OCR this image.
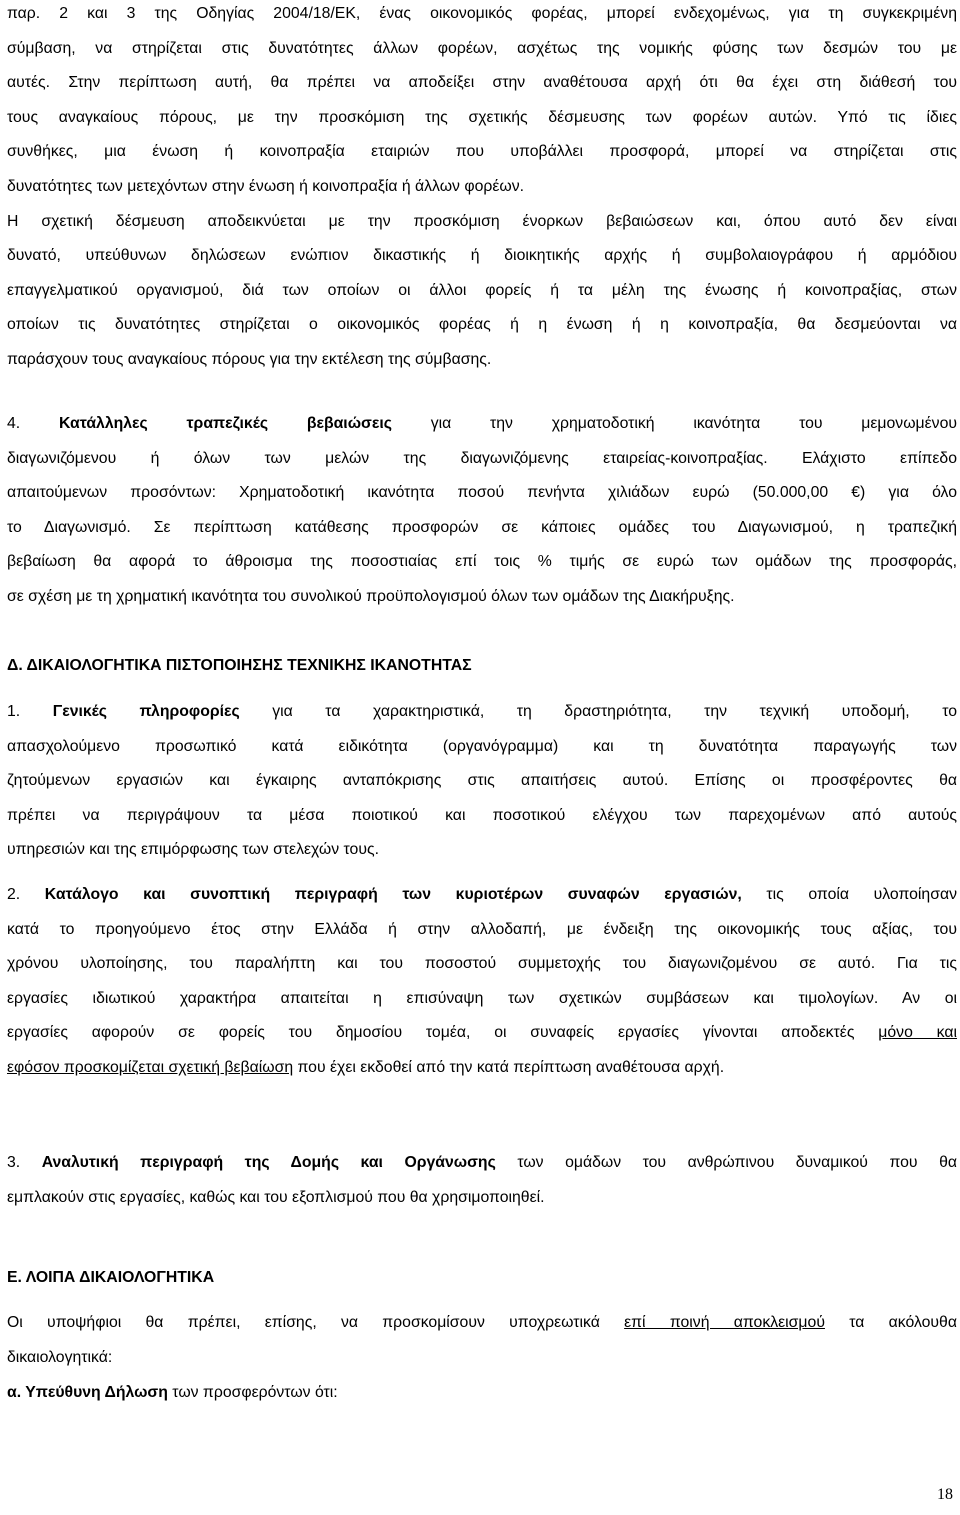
παρ. 2 και 3 της Οδηγίας 2004/18/ΕΚ, ένας οικονομικός φορέας, μπορεί ενδεχομένως, για τη συγκεκριμένη
σύμβαση, να στηρίζεται στις δυνατότητες άλλων φορέων, ασχέτως της νομικής φύσης των δεσμών του με
αυτές. Στην περίπτωση αυτή, θα πρέπει να αποδείξει στην αναθέτουσα αρχή ότι θα έχει στη διάθεσή του
τους αναγκαίους πόρους, με την προσκόμιση της σχετικής δέσμευσης των φορέων αυτών. Υπό τις ίδιες
συνθήκες, μια ένωση ή κοινοπραξία εταιριών που υποβάλλει προσφορά, μπορεί να στηρίζεται στις
δυνατότητες των μετεχόντων στην ένωση ή κοινοπραξία ή άλλων φορέων.
Η σχετική δέσμευση αποδεικνύεται με την προσκόμιση ένορκων βεβαιώσεων και, όπου αυτό δεν είναι
δυνατό, υπεύθυνων δηλώσεων ενώπιον δικαστικής ή διοικητικής αρχής ή συμβολαιογράφου ή αρμόδιου
επαγγελματικού οργανισμού, διά των οποίων οι άλλοι φορείς ή τα μέλη της ένωσης ή κοινοπραξίας, στων
οποίων τις δυνατότητες στηρίζεται ο οικονομικός φορέας ή η ένωση ή η κοινοπραξία, θα δεσμεύονται να
παράσχουν τους αναγκαίους πόρους για την εκτέλεση της σύμβασης.
4. Κατάλληλες τραπεζικές βεβαιώσεις για την χρηματοδοτική ικανότητα του μεμονωμένου
διαγωνιζόμενου ή όλων των μελών της διαγωνιζόμενης εταιρείας-κοινοπραξίας. Ελάχιστο επίπεδο
απαιτούμενων προσόντων: Χρηματοδοτική ικανότητα ποσού πενήντα χιλιάδων ευρώ (50.000,00 €) για όλο
το Διαγωνισμό. Σε περίπτωση κατάθεσης προσφορών σε κάποιες ομάδες του Διαγωνισμού, η τραπεζική
βεβαίωση θα αφορά το άθροισμα της ποσοστιαίας επί τοις % τιμής σε ευρώ των ομάδων της προσφοράς,
σε σχέση με τη χρηματική ικανότητα του συνολικού προϋπολογισμού όλων των ομάδων της Διακήρυξης.
Δ. ΔΙΚΑΙΟΛΟΓΗΤΙΚΑ ΠΙΣΤΟΠΟΙΗΣΗΣ ΤΕΧΝΙΚΗΣ ΙΚΑΝΟΤΗΤΑΣ
1. Γενικές πληροφορίες για τα χαρακτηριστικά, τη δραστηριότητα, την τεχνική υποδομή, το
απασχολούμενο προσωπικό κατά ειδικότητα (οργανόγραμμα) και τη δυνατότητα παραγωγής των
ζητούμενων εργασιών και έγκαιρης ανταπόκρισης στις απαιτήσεις αυτού. Επίσης οι προσφέροντες θα
πρέπει να περιγράψουν τα μέσα ποιοτικού και ποσοτικού ελέγχου των παρεχομένων από αυτούς
υπηρεσιών και της επιμόρφωσης των στελεχών τους.
2. Κατάλογο και συνοπτική περιγραφή των κυριοτέρων συναφών εργασιών, τις οποία υλοποίησαν
κατά το προηγούμενο έτος στην Ελλάδα ή στην αλλοδαπή, με ένδειξη της οικονομικής τους αξίας, του
χρόνου υλοποίησης, του παραλήπτη και του ποσοστού συμμετοχής του διαγωνιζομένου σε αυτό. Για τις
εργασίες ιδιωτικού χαρακτήρα απαιτείται η επισύναψη των σχετικών συμβάσεων και τιμολογίων. Αν οι
εργασίες αφορούν σε φορείς του δημοσίου τομέα, οι συναφείς εργασίες γίνονται αποδεκτές μόνο και
εφόσον προσκομίζεται σχετική βεβαίωση που έχει εκδοθεί από την κατά περίπτωση αναθέτουσα αρχή.
3. Αναλυτική περιγραφή της Δομής και Οργάνωσης των ομάδων του ανθρώπινου δυναμικού που θα
εμπλακούν στις εργασίες, καθώς και του εξοπλισμού που θα χρησιμοποιηθεί.
Ε. ΛΟΙΠΑ ΔΙΚΑΙΟΛΟΓΗΤΙΚΑ
Οι υποψήφιοι θα πρέπει, επίσης, να προσκομίσουν υποχρεωτικά επί ποινή αποκλεισμού τα ακόλουθα
δικαιολογητικά:
α. Υπεύθυνη Δήλωση των προσφερόντων ότι:
18
